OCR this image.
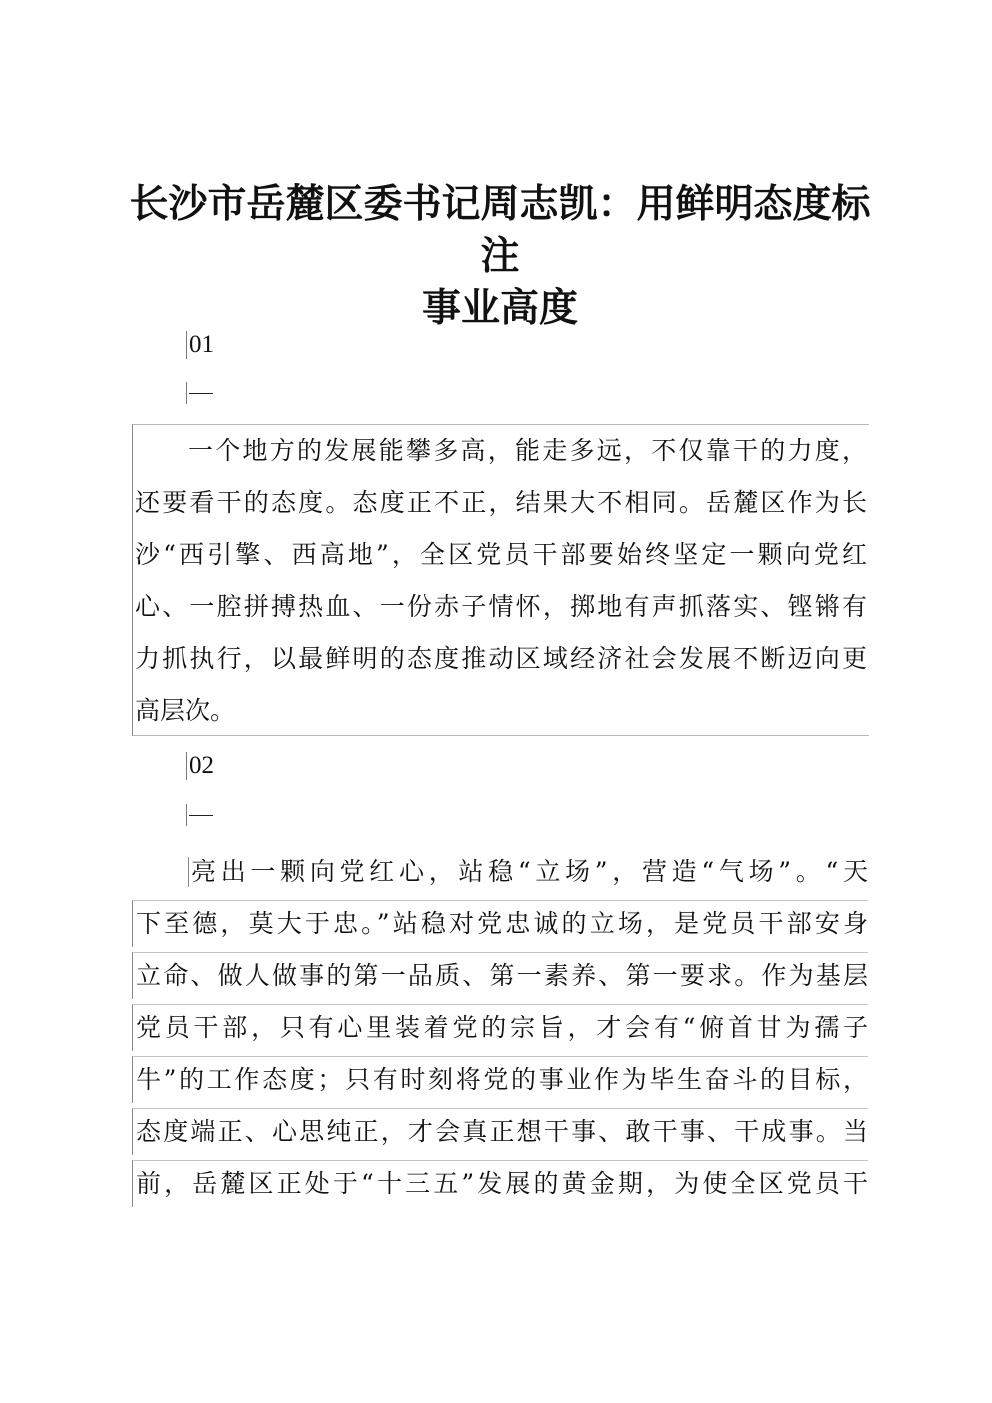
长沙市岳麓区委书记周志凯：用鲜明态度标注
事业高度
01
一个地方的发展能攀多高，能走多远，不仅靠干的力度，
还要看干的态度。态度正不正，结果大不相同。岳麓区作为长
沙“西引擎、西高地”，全区党员干部要始终坚定一颗向党红
心、一腔拼搏热血、一份赤子情怀，掷地有声抓落实、铿锵有
力抓执行，以最鲜明的态度推动区域经济社会发展不断迈向更
高层次。
02
亮出一颗向党红心，站稳“立场”，营造“气场”。“天
下至德，莫大于忠。”站稳对党忠诚的立场，是党员干部安身
立命、做人做事的第一品质、第一素养、第一要求。作为基层
党员干部，只有心里装着党的宗旨，才会有“俯首甘为孺子
牛”的工作态度；只有时刻将党的事业作为毕生奋斗的目标，
态度端正、心思纯正，才会真正想干事、敢干事、干成事。当
前，岳麓区正处于“十三五”发展的黄金期，为使全区党员干
